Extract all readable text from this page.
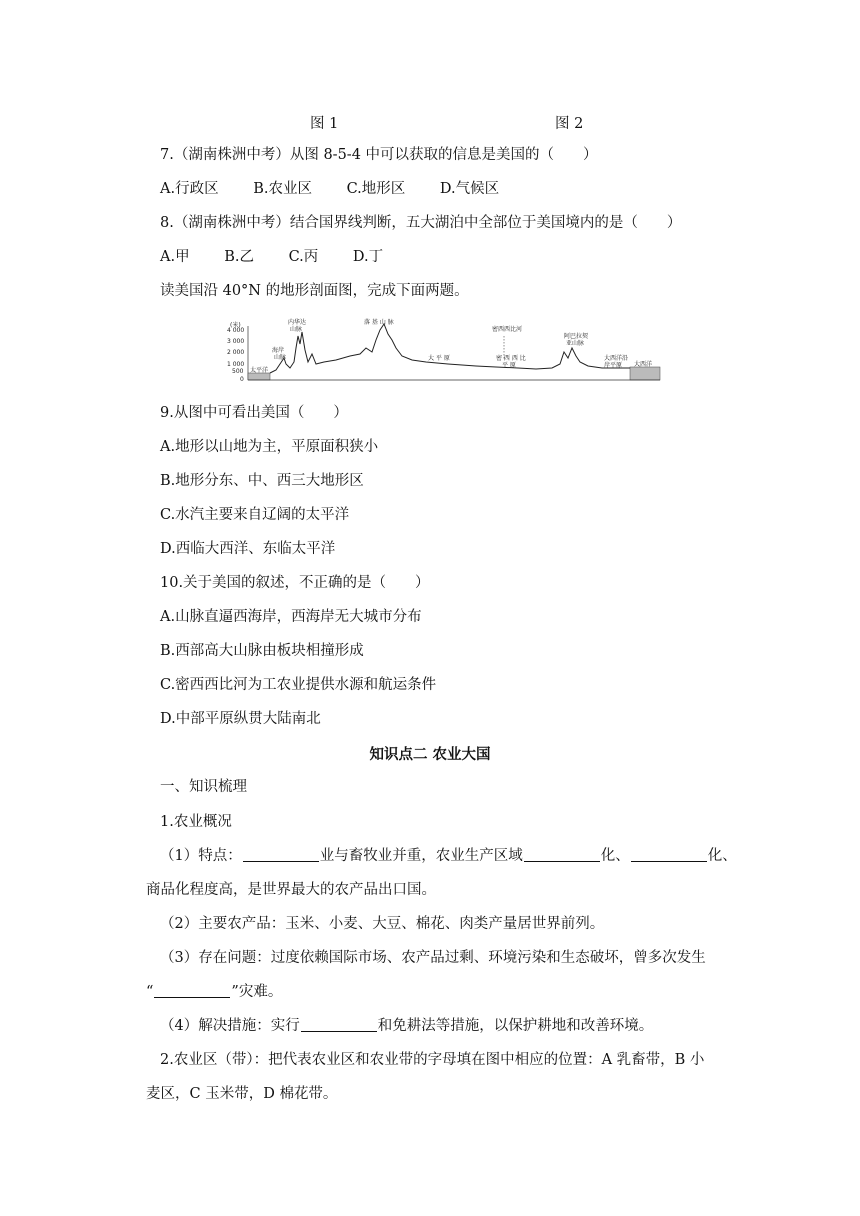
图 1	图 2
7.（湖南株洲中考）从图 8-5-4 中可以获取的信息是美国的（　　）
A.行政区 B.农业区 C.地形区 D.气候区
8.（湖南株洲中考）结合国界线判断，五大湖泊中全部位于美国境内的是（　　）
A.甲 B.乙 C.丙 D.丁
读美国沿 40°N 的地形剖面图，完成下面两题。
(米)
4 000
3 000
2 000
1 000
500
0
海岸
山脉
内华达
山脉
落 基 山 脉
密西西比河
大 平 原	密 西 西 比
平 原
阿巴拉契
亚山脉
大西洋沿
岸平原
太平洋
大西洋
9.从图中可看出美国（　　）
A.地形以山地为主，平原面积狭小
B.地形分东、中、西三大地形区
C.水汽主要来自辽阔的太平洋
D.西临大西洋、东临太平洋
10.关于美国的叙述，不正确的是（　　）
A.山脉直逼西海岸，西海岸无大城市分布
B.西部高大山脉由板块相撞形成
C.密西西比河为工农业提供水源和航运条件
D.中部平原纵贯大陆南北
知识点二 农业大国
一、知识梳理
1.农业概况
（1）特点：	业与畜牧业并重，农业生产区域	化、	化、
商品化程度高，是世界最大的农产品出口国。
（2）主要农产品：玉米、小麦、大豆、棉花、肉类产量居世界前列。
（3）存在问题：过度依赖国际市场、农产品过剩、环境污染和生态破坏，曾多次发生
“	”灾难。
（4）解决措施：实行	和免耕法等措施，以保护耕地和改善环境。
2.农业区（带）：把代表农业区和农业带的字母填在图中相应的位置：A 乳畜带，B 小
麦区，C 玉米带，D 棉花带。
